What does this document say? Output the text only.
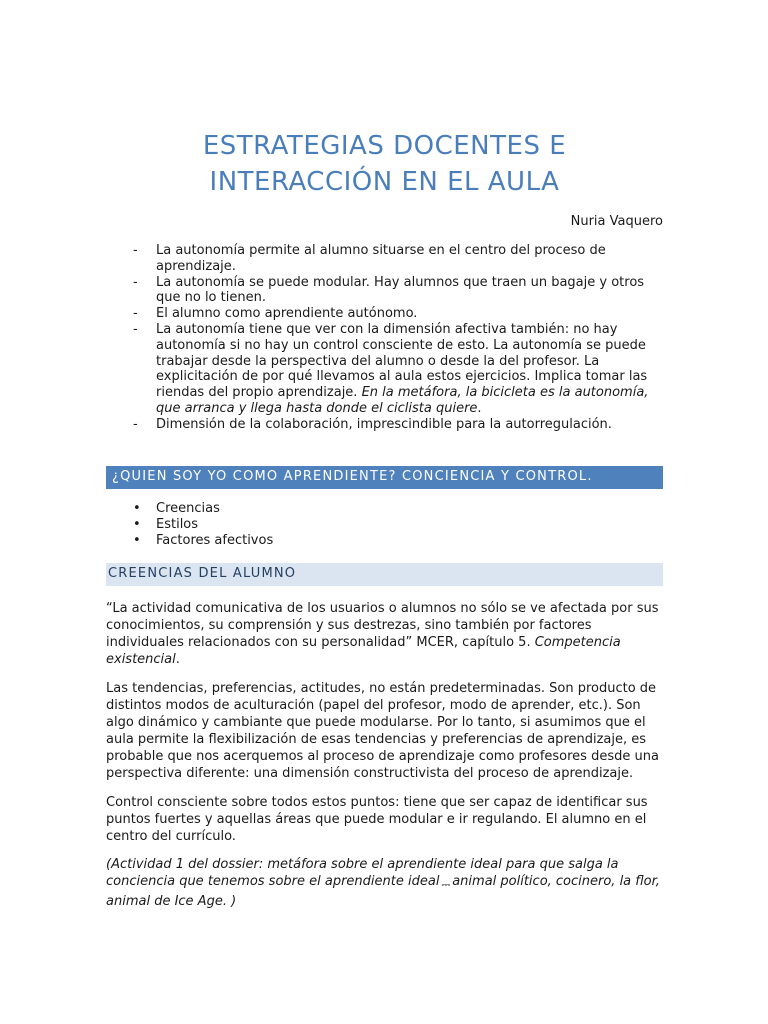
ESTRATEGIAS DOCENTES E
INTERACCIÓN EN EL AULA
Nuria Vaquero
- La autonomía permite al alumno situarse en el centro del proceso de aprendizaje.
- La autonomía se puede modular. Hay alumnos que traen un bagaje y otros que no lo tienen.
- El alumno como aprendiente autónomo.
- La autonomía tiene que ver con la dimensión afectiva también: no hay autonomía si no hay un control consciente de esto. La autonomía se puede trabajar desde la perspectiva del alumno o desde la del profesor. La explicitación de por qué llevamos al aula estos ejercicios. Implica tomar las riendas del propio aprendizaje. En la metáfora, la bicicleta es la autonomía, que arranca y llega hasta donde el ciclista quiere.
- Dimensión de la colaboración, imprescindible para la autorregulación.
¿QUIEN SOY YO COMO APRENDIENTE? CONCIENCIA Y CONTROL.
• Creencias
• Estilos
• Factores afectivos
CREENCIAS DEL ALUMNO

“La actividad comunicativa de los usuarios o alumnos no sólo se ve afectada por sus conocimientos, su comprensión y sus destrezas, sino también por factores individuales relacionados con su personalidad” MCER, capítulo 5. Competencia existencial.

Las tendencias, preferencias, actitudes, no están predeterminadas. Son producto de distintos modos de aculturación (papel del profesor, modo de aprender, etc.). Son algo dinámico y cambiante que puede modularse. Por lo tanto, si asumimos que el aula permite la flexibilización de esas tendencias y preferencias de aprendizaje, es probable que nos acerquemos al proceso de aprendizaje como profesores desde una perspectiva diferente: una dimensión constructivista del proceso de aprendizaje.

Control consciente sobre todos estos puntos: tiene que ser capaz de identificar sus puntos fuertes y aquellas áreas que puede modular e ir regulando. El alumno en el centro del currículo.

(Actividad 1 del dossier: metáfora sobre el aprendiente ideal para que salga la conciencia que tenemos sobre el aprendiente ideal ⎓ animal político, cocinero, la flor, animal de Ice Age. )
